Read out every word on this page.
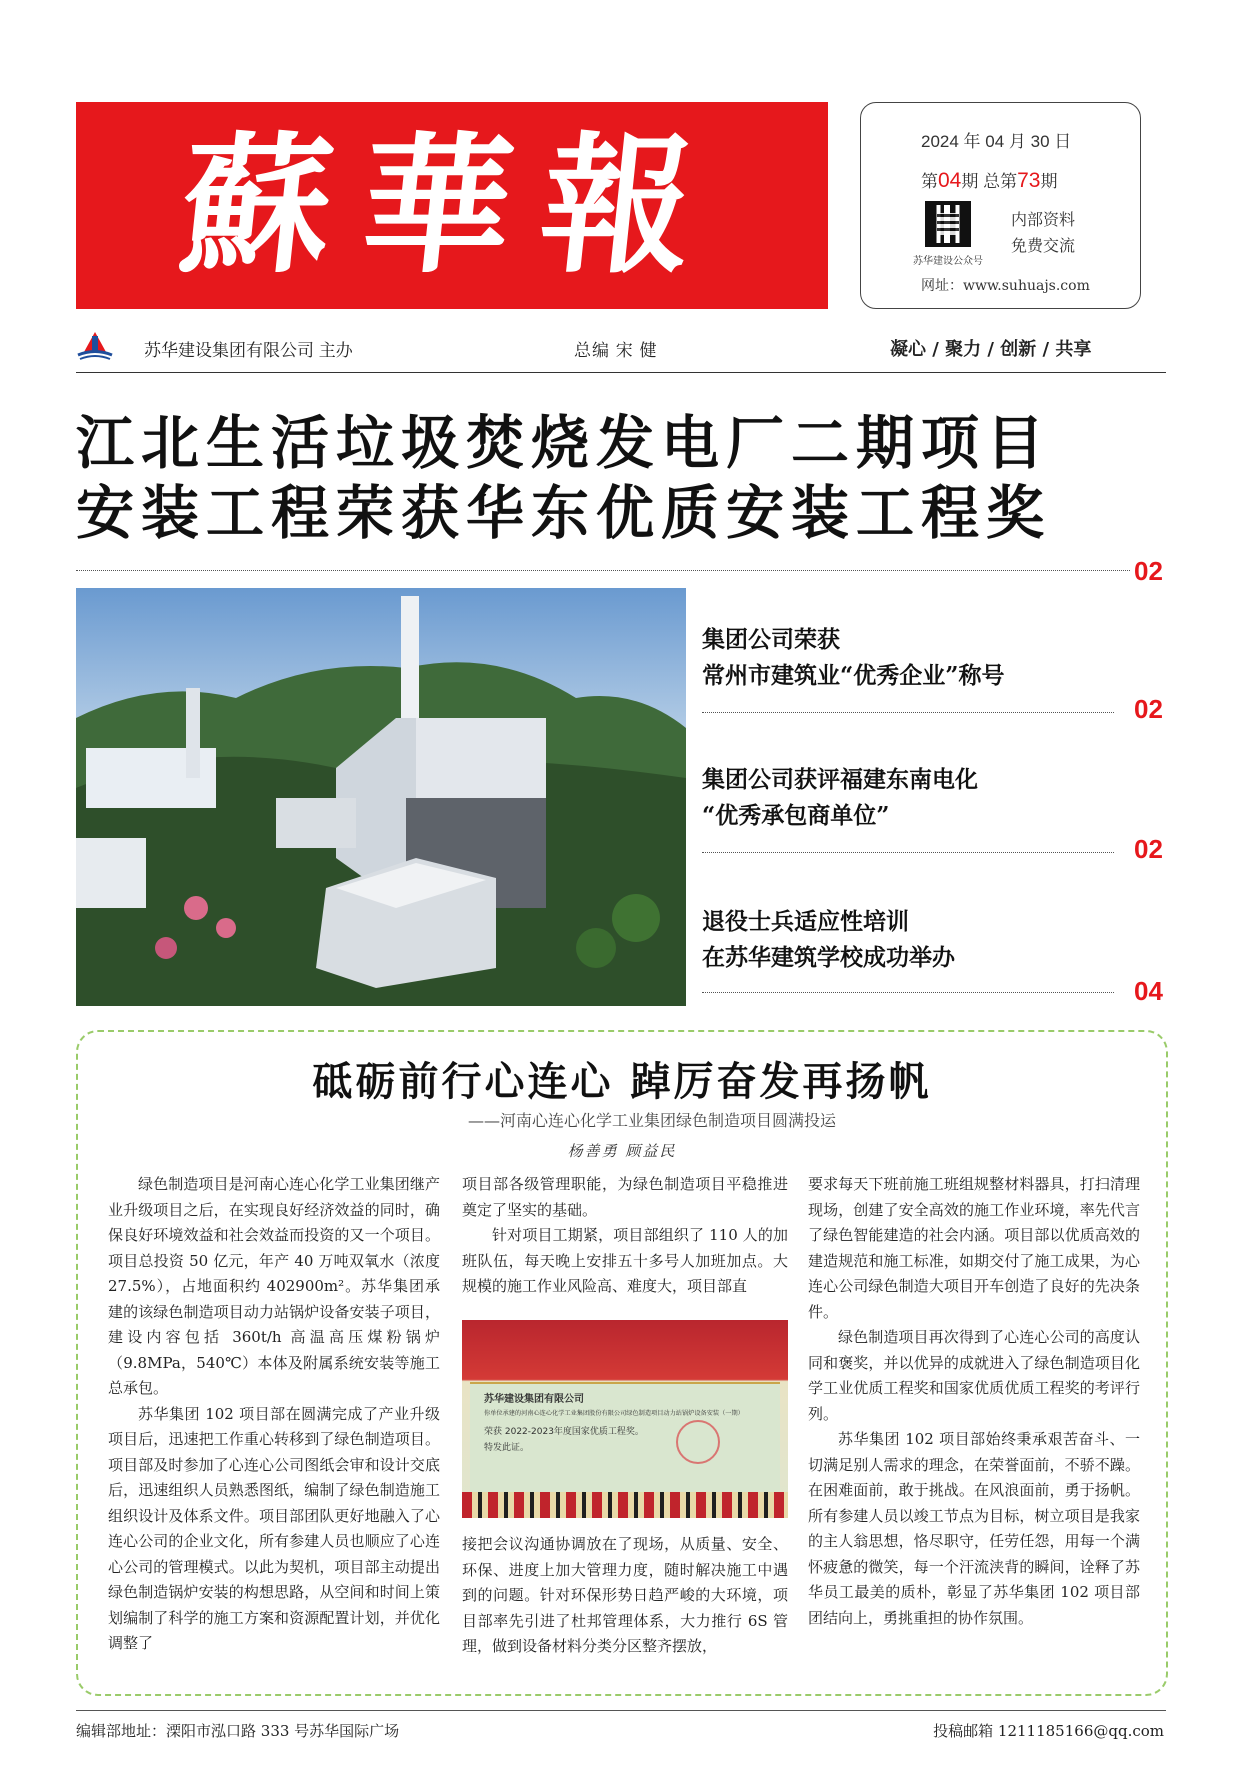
蘇華報	2024 年 04 月 30 日
第04期 总第73期
苏华建设公众号
内部资料
免费交流
网址：www.suhuajs.com
苏华建设集团有限公司 主办	总编 宋 健	凝心 / 聚力 / 创新 / 共享
江北生活垃圾焚烧发电厂二期项目
安装工程荣获华东优质安装工程奖
02
集团公司荣获
常州市建筑业“优秀企业”称号
02
集团公司获评福建东南电化
“优秀承包商单位”
02
退役士兵适应性培训
在苏华建筑学校成功举办
04
砥砺前行心连心 踔厉奋发再扬帆
——河南心连心化学工业集团绿色制造项目圆满投运
杨善勇 顾益民

绿色制造项目是河南心连心化学工业集团继产业升级项目之后，在实现良好经济效益的同时，确保良好环境效益和社会效益而投资的又一个项目。项目总投资 50 亿元，年产 40 万吨双氧水（浓度 27.5%），占地面积约 402900m²。苏华集团承建的该绿色制造项目动力站锅炉设备安装子项目，建设内容包括 360t/h 高温高压煤粉锅炉（9.8MPa，540℃）本体及附属系统安装等施工总承包。

苏华集团 102 项目部在圆满完成了产业升级项目后，迅速把工作重心转移到了绿色制造项目。项目部及时参加了心连心公司图纸会审和设计交底后，迅速组织人员熟悉图纸，编制了绿色制造施工组织设计及体系文件。项目部团队更好地融入了心连心公司的企业文化，所有参建人员也顺应了心连心公司的管理模式。以此为契机，项目部主动提出绿色制造锅炉安装的构想思路，从空间和时间上策划编制了科学的施工方案和资源配置计划，并优化调整了

项目部各级管理职能，为绿色制造项目平稳推进奠定了坚实的基础。

针对项目工期紧，项目部组织了 110 人的加班队伍，每天晚上安排五十多号人加班加点。大规模的施工作业风险高、难度大，项目部直

苏华建设集团有限公司
你单位承建的河南心连心化学工业集团股份有限公司绿色制造项目动力站锅炉设备安装（一期）
荣获 2022-2023年度国家优质工程奖。
特发此证。

接把会议沟通协调放在了现场，从质量、安全、环保、进度上加大管理力度，随时解决施工中遇到的问题。针对环保形势日趋严峻的大环境，项目部率先引进了杜邦管理体系，大力推行 6S 管理，做到设备材料分类分区整齐摆放，

要求每天下班前施工班组规整材料器具，打扫清理现场，创建了安全高效的施工作业环境，率先代言了绿色智能建造的社会内涵。项目部以优质高效的建造规范和施工标准，如期交付了施工成果，为心连心公司绿色制造大项目开车创造了良好的先决条件。

绿色制造项目再次得到了心连心公司的高度认同和褒奖，并以优异的成就进入了绿色制造项目化学工业优质工程奖和国家优质优质工程奖的考评行列。

苏华集团 102 项目部始终秉承艰苦奋斗、一切满足别人需求的理念，在荣誉面前，不骄不躁。在困难面前，敢于挑战。在风浪面前，勇于扬帆。所有参建人员以竣工节点为目标，树立项目是我家的主人翁思想，恪尽职守，任劳任怨，用每一个满怀疲惫的微笑，每一个汗流浃背的瞬间，诠释了苏华员工最美的质朴，彰显了苏华集团 102 项目部团结向上，勇挑重担的协作氛围。

编辑部地址：溧阳市泓口路 333 号苏华国际广场	投稿邮箱 1211185166@qq.com
